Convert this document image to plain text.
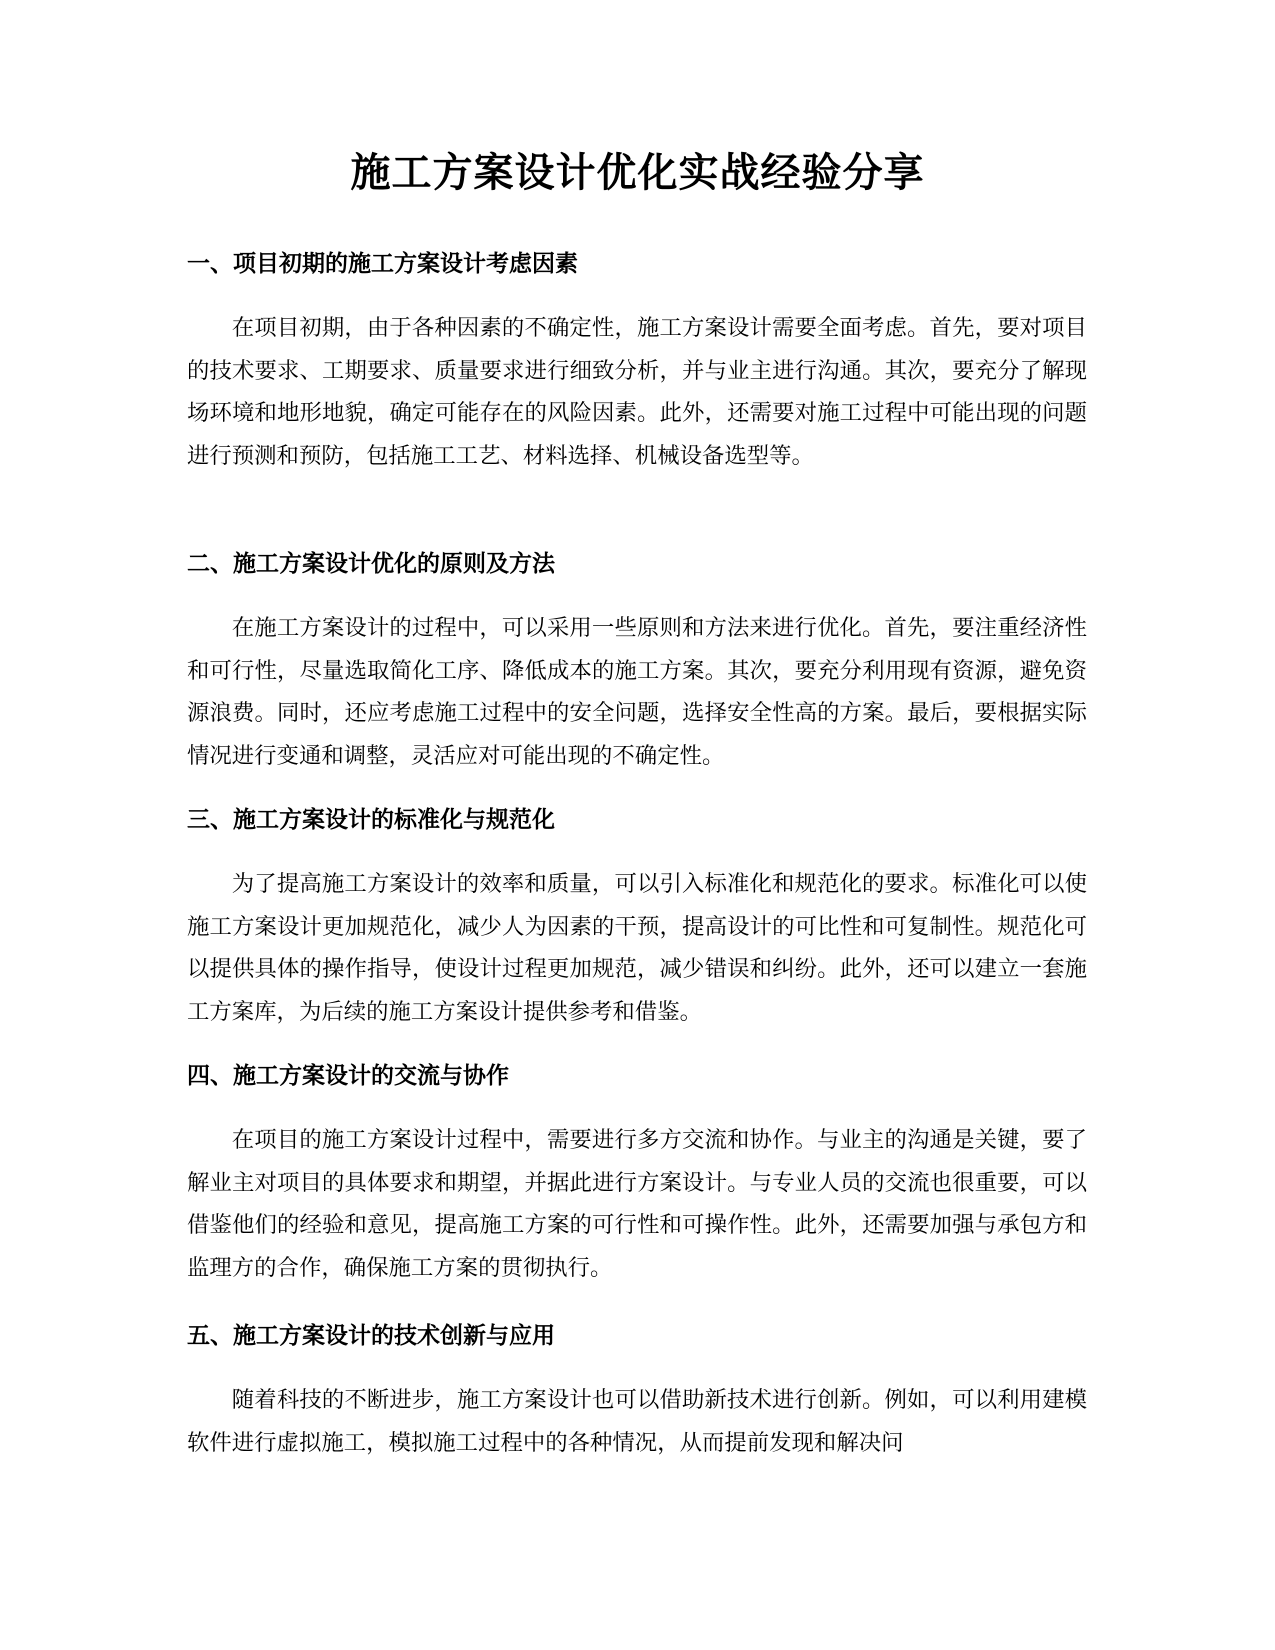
施工方案设计优化实战经验分享
一、项目初期的施工方案设计考虑因素

在项目初期，由于各种因素的不确定性，施工方案设计需要全面考虑。首先，要对项目的技术要求、工期要求、质量要求进行细致分析，并与业主进行沟通。其次，要充分了解现场环境和地形地貌，确定可能存在的风险因素。此外，还需要对施工过程中可能出现的问题进行预测和预防，包括施工工艺、材料选择、机械设备选型等。

二、施工方案设计优化的原则及方法

在施工方案设计的过程中，可以采用一些原则和方法来进行优化。首先，要注重经济性和可行性，尽量选取简化工序、降低成本的施工方案。其次，要充分利用现有资源，避免资源浪费。同时，还应考虑施工过程中的安全问题，选择安全性高的方案。最后，要根据实际情况进行变通和调整，灵活应对可能出现的不确定性。

三、施工方案设计的标准化与规范化

为了提高施工方案设计的效率和质量，可以引入标准化和规范化的要求。标准化可以使施工方案设计更加规范化，减少人为因素的干预，提高设计的可比性和可复制性。规范化可以提供具体的操作指导，使设计过程更加规范，减少错误和纠纷。此外，还可以建立一套施工方案库，为后续的施工方案设计提供参考和借鉴。

四、施工方案设计的交流与协作

在项目的施工方案设计过程中，需要进行多方交流和协作。与业主的沟通是关键，要了解业主对项目的具体要求和期望，并据此进行方案设计。与专业人员的交流也很重要，可以借鉴他们的经验和意见，提高施工方案的可行性和可操作性。此外，还需要加强与承包方和监理方的合作，确保施工方案的贯彻执行。

五、施工方案设计的技术创新与应用

随着科技的不断进步，施工方案设计也可以借助新技术进行创新。例如，可以利用建模软件进行虚拟施工，模拟施工过程中的各种情况，从而提前发现和解决问
